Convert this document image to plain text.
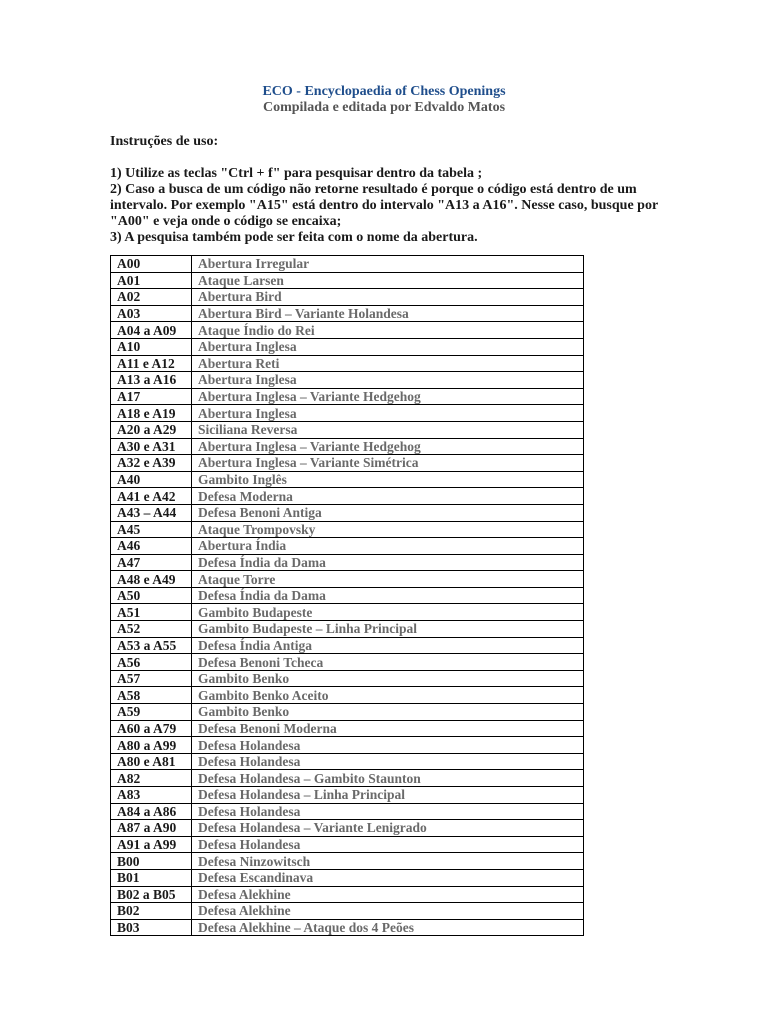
ECO - Encyclopaedia of Chess Openings
Compilada e editada por Edvaldo Matos
Instruções de uso:

1) Utilize as teclas "Ctrl + f" para pesquisar dentro da tabela ;

2) Caso a busca de um código não retorne resultado é porque o código está dentro de um intervalo. Por exemplo "A15" está dentro do intervalo "A13 a A16". Nesse caso, busque por "A00" e veja onde o código se encaixa;

3) A pesquisa também pode ser feita com o nome da abertura.

A00	Abertura Irregular
A01	Ataque Larsen
A02	Abertura Bird
A03	Abertura Bird – Variante Holandesa
A04 a A09	Ataque Índio do Rei
A10	Abertura Inglesa
A11 e A12	Abertura Reti
A13 a A16	Abertura Inglesa
A17	Abertura Inglesa – Variante Hedgehog
A18 e A19	Abertura Inglesa
A20 a A29	Siciliana Reversa
A30 e A31	Abertura Inglesa – Variante Hedgehog
A32 e A39	Abertura Inglesa – Variante Simétrica
A40	Gambito Inglês
A41 e A42	Defesa Moderna
A43 – A44	Defesa Benoni Antiga
A45	Ataque Trompovsky
A46	Abertura Índia
A47	Defesa Índia da Dama
A48 e A49	Ataque Torre
A50	Defesa Índia da Dama
A51	Gambito Budapeste
A52	Gambito Budapeste – Linha Principal
A53 a A55	Defesa Índia Antiga
A56	Defesa Benoni Tcheca
A57	Gambito Benko
A58	Gambito Benko Aceito
A59	Gambito Benko
A60 a A79	Defesa Benoni Moderna
A80 a A99	Defesa Holandesa
A80 e A81	Defesa Holandesa
A82	Defesa Holandesa – Gambito Staunton
A83	Defesa Holandesa – Linha Principal
A84 a A86	Defesa Holandesa
A87 a A90	Defesa Holandesa – Variante Lenigrado
A91 a A99	Defesa Holandesa
B00	Defesa Ninzowitsch
B01	Defesa Escandinava
B02 a B05	Defesa Alekhine
B02	Defesa Alekhine
B03	Defesa Alekhine – Ataque dos 4 Peões
